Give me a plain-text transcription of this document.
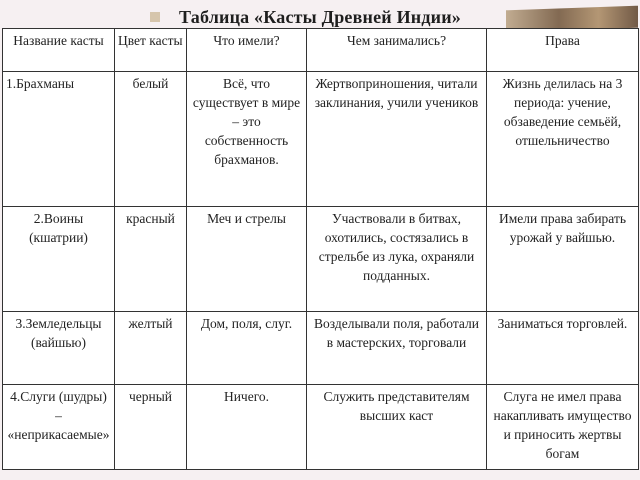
Таблица «Касты Древней Индии»
Название касты	Цвет касты	Что имели?	Чем занимались?	Права
1.Брахманы	белый	Всё, что существует в мире – это собственность брахманов.	Жертвоприношения, читали заклинания, учили учеников	Жизнь делилась на 3 периода: учение, обзаведение семьёй, отшельничество
2.Воины (кшатрии)	красный	Меч и стрелы	Участвовали в битвах, охотились, состязались в стрельбе из лука, охраняли подданных.	Имели права забирать урожай у вайшью.
3.Земледельцы (вайшью)	желтый	Дом, поля, слуг.	Возделывали поля, работали в мастерских, торговали	Заниматься торговлей.
4.Слуги (шудры) – «неприкасаемые»	черный	Ничего.	Служить представителям высших каст	Слуга не имел права накапливать имущество и приносить жертвы богам
